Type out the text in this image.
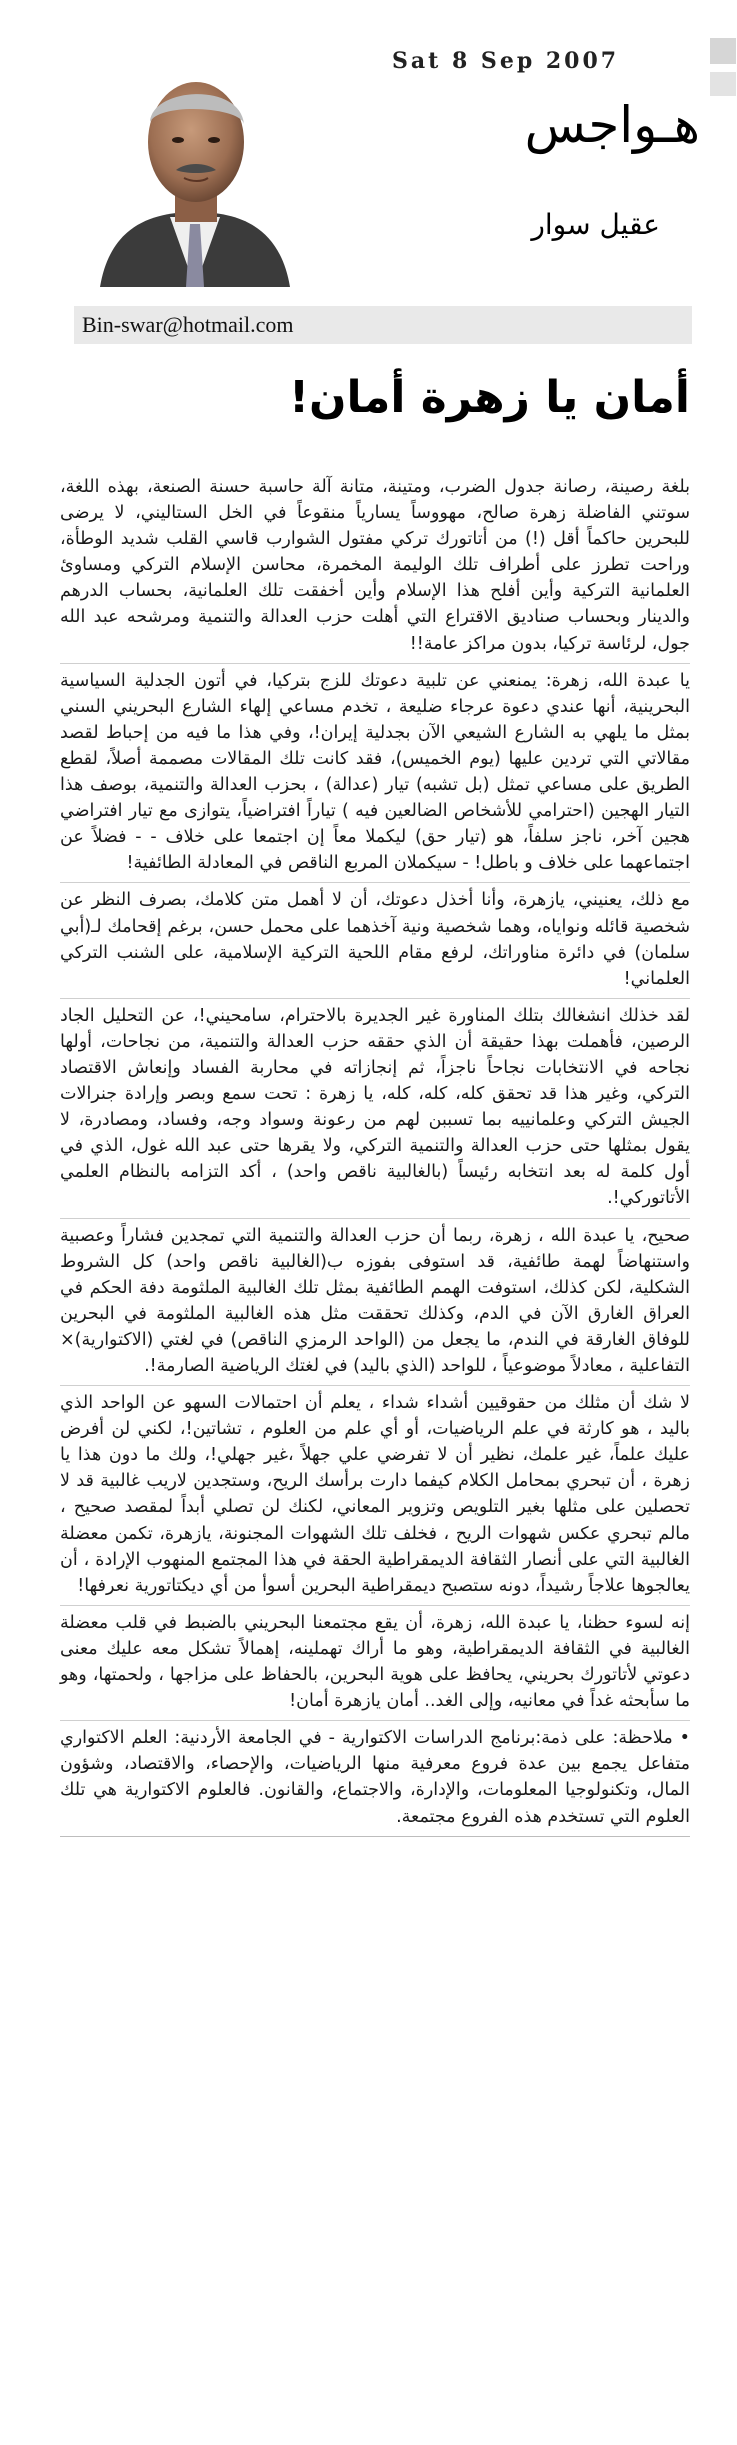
Sat 8 Sep 2007
هـواجس
عقيل سوار
Bin-swar@hotmail.com
أمان يا زهرة أمان!

بلغة رصينة، رصانة جدول الضرب، ومتينة، متانة آلة حاسبة حسنة الصنعة، بهذه اللغة، سوتني الفاضلة زهرة صالح، مهووساً يسارياً منقوعاً في الخل الستاليني، لا يرضى للبحرين حاكماً أقل (!) من أتاتورك تركي مفتول الشوارب قاسي القلب شديد الوطأة، وراحت تطرز على أطراف تلك الوليمة المخمرة، محاسن الإسلام التركي ومساوئ العلمانية التركية وأين أفلح هذا الإسلام وأين أخفقت تلك العلمانية، بحساب الدرهم والدينار وبحساب صناديق الاقتراع التي أهلت حزب العدالة والتنمية ومرشحه عبد الله جول، لرئاسة تركيا، بدون مراكز عامة!!

يا عبدة الله، زهرة: يمنعني عن تلبية دعوتك للزج بتركيا، في أتون الجدلية السياسية البحرينية، أنها عندي دعوة عرجاء ضليعة ، تخدم مساعي إلهاء الشارع البحريني السني بمثل ما يلهي به الشارع الشيعي الآن بجدلية إيران!، وفي هذا ما فيه من إحباط لقصد مقالاتي التي تردين عليها (يوم الخميس)، فقد كانت تلك المقالات مصممة أصلاً، لقطع الطريق على مساعي تمثل (بل تشبه) تيار (عدالة) ، بحزب العدالة والتنمية، بوصف هذا التيار الهجين (احترامي للأشخاص الضالعين فيه ) تياراً افتراضياً، يتوازى مع تيار افتراضي هجين آخر، ناجز سلفاً، هو (تيار حق) ليكملا معاً إن اجتمعا على خلاف - - فضلاً عن اجتماعهما على خلاف و باطل! - سيكملان المربع الناقص في المعادلة الطائفية!

مع ذلك، يعنيني، يازهرة، وأنا أخذل دعوتك، أن لا أهمل متن كلامك، بصرف النظر عن شخصية قائله ونواياه، وهما شخصية ونية آخذهما على محمل حسن، برغم إقحامك لـ(أبي سلمان) في دائرة مناوراتك، لرفع مقام اللحية التركية الإسلامية، على الشنب التركي العلماني!

لقد خذلك انشغالك بتلك المناورة غير الجديرة بالاحترام، سامحيني!، عن التحليل الجاد الرصين، فأهملت بهذا حقيقة أن الذي حققه حزب العدالة والتنمية، من نجاحات، أولها نجاحه في الانتخابات نجاحاً ناجزاً، ثم إنجازاته في محاربة الفساد وإنعاش الاقتصاد التركي، وغير هذا قد تحقق كله، كله، كله، يا زهرة : تحت سمع وبصر وإرادة جنرالات الجيش التركي وعلمانييه بما تسببن لهم من رعونة وسواد وجه، وفساد، ومصادرة، لا يقول بمثلها حتى حزب العدالة والتنمية التركي، ولا يقرها حتى عبد الله غول، الذي في أول كلمة له بعد انتخابه رئيساً (بالغالبية ناقص واحد) ، أكد التزامه بالنظام العلمي الأتاتوركي!.

صحيح، يا عبدة الله ، زهرة، ربما أن حزب العدالة والتنمية التي تمجدين فشاراً وعصبية واستنهاضاً لهمة طائفية، قد استوفى بفوزه ب(الغالبية ناقص واحد) كل الشروط الشكلية، لكن كذلك، استوفت الهمم الطائفية بمثل تلك الغالبية الملثومة دفة الحكم في العراق الغارق الآن في الدم، وكذلك تحققت مثل هذه الغالبية الملثومة في البحرين للوفاق الغارقة في الندم، ما يجعل من (الواحد الرمزي الناقص) في لغتي (الاكتوارية)× التفاعلية ، معادلاً موضوعياً ، للواحد (الذي باليد) في لغتك الرياضية الصارمة!.

لا شك أن مثلك من حقوقيين أشداء شداء ، يعلم أن احتمالات السهو عن الواحد الذي باليد ، هو كارثة في علم الرياضيات، أو أي علم من العلوم ، تشاتين!، لكني لن أفرض عليك علماً، غير علمك، نظير أن لا تفرضي علي جهلاً ،غير جهلي!، ولك ما دون هذا يا زهرة ، أن تبحري بمحامل الكلام كيفما دارت برأسك الريح، وستجدين لاريب غالبية قد لا تحصلين على مثلها بغير التلويص وتزوير المعاني، لكنك لن تصلي أبداً لمقصد صحيح ، مالم تبحري عكس شهوات الريح ، فخلف تلك الشهوات المجنونة، يازهرة، تكمن معضلة الغالبية التي على أنصار الثقافة الديمقراطية الحقة في هذا المجتمع المنهوب الإرادة ، أن يعالجوها علاجاً رشيداً، دونه ستصبح ديمقراطية البحرين أسوأ من أي ديكتاتورية نعرفها!

إنه لسوء حظنا، يا عبدة الله، زهرة، أن يقع مجتمعنا البحريني بالضبط في قلب معضلة الغالبية في الثقافة الديمقراطية، وهو ما أراك تهملينه، إهمالاً تشكل معه عليك معنى دعوتي لأتاتورك بحريني، يحافظ على هوية البحرين، بالحفاظ على مزاجها ، ولحمتها، وهو ما سأبحثه غداً في معانيه، وإلى الغد.. أمان يازهرة أمان!

• ملاحظة: على ذمة:برنامج الدراسات الاكتوارية - في الجامعة الأردنية: العلم الاكتواري متفاعل يجمع بين عدة فروع معرفية منها الرياضيات، والإحصاء، والاقتصاد، وشؤون المال، وتكنولوجيا المعلومات، والإدارة، والاجتماع، والقانون. فالعلوم الاكتوارية هي تلك العلوم التي تستخدم هذه الفروع مجتمعة.
